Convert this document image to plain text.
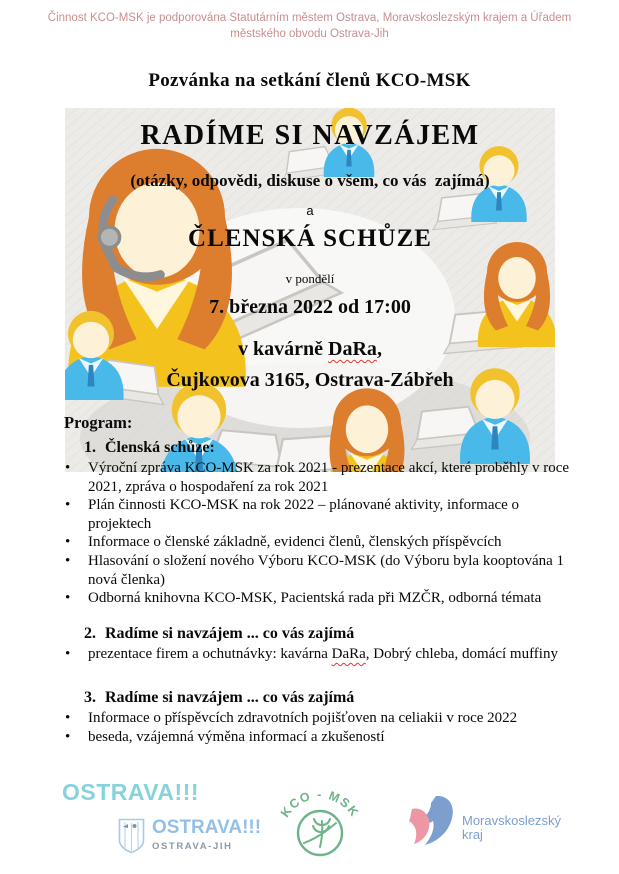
Činnost KCO-MSK je podporována Statutárním městem Ostrava, Moravskoslezským krajem a Úřadem
městského obvodu Ostrava-Jih
Pozvánka na setkání členů KCO-MSK
RADÍME SI NAVZÁJEM
(otázky, odpovědi, diskuse o všem, co vás  zajímá)
a
ČLENSKÁ SCHŮZE
v pondělí
7. března 2022 od 17:00
v kavárně DaRa,
Čujkovova 3165, Ostrava-Zábřeh
Program:
1. Členská schůze:
• Výroční zpráva KCO-MSK za rok 2021 - prezentace akcí, které proběhly v roce 2021, zpráva o hospodaření za rok 2021
• Plán činnosti KCO-MSK na rok 2022 – plánované aktivity, informace o projektech
• Informace o členské základně, evidenci členů, členských příspěvcích
• Hlasování o složení nového Výboru KCO-MSK (do Výboru byla kooptována 1 nová členka)
• Odborná knihovna KCO-MSK, Pacientská rada při MZČR, odborná témata
2. Radíme si navzájem ... co vás zajímá
• prezentace firem a ochutnávky: kavárna DaRa, Dobrý chleba, domácí muffiny
3. Radíme si navzájem ... co vás zajímá
• Informace o příspěvcích zdravotních pojišťoven na celiakii v roce 2022
• beseda, vzájemná výměna informací a zkušeností
OSTRAVA!!!
OSTRAVA!!!
OSTRAVA-JIH
KCO - MSK
Moravskoslezský
kraj
